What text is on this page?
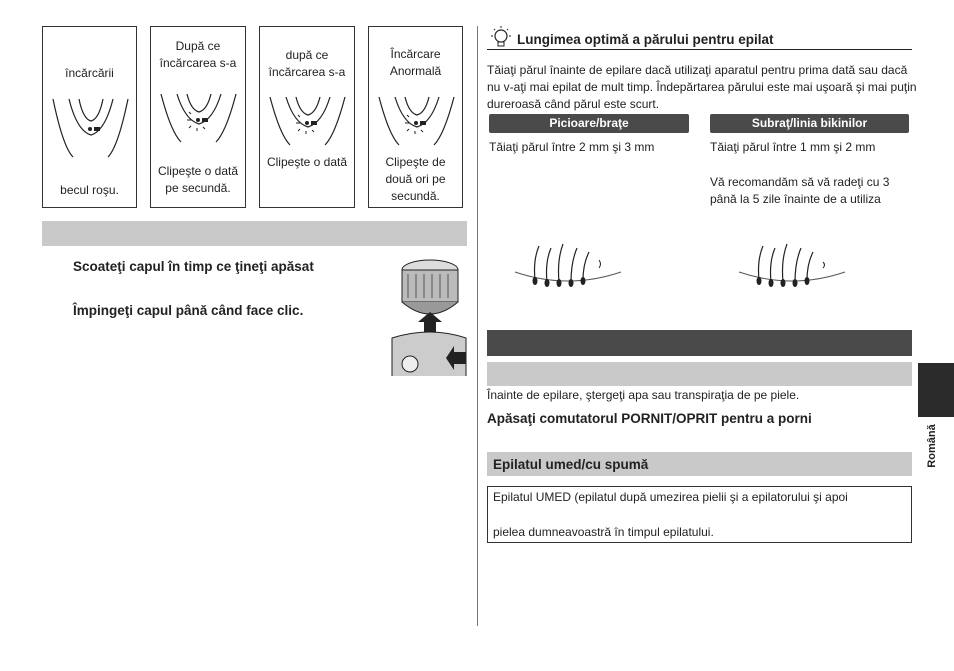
încărcării
becul roşu.
După ce
încărcarea s-a
Clipeşte o dată
pe secundă.
după ce
încărcarea s-a
Clipeşte o dată
Încărcare
Anormală
Clipeşte de
două ori pe
secundă.
Scoateţi capul în timp ce ţineţi apăsat
Împingeţi capul până când face clic.
Lungimea optimă a părului pentru epilat
Tăiaţi părul înainte de epilare dacă utilizaţi aparatul pentru prima dată sau dacă nu v-aţi mai epilat de mult timp. Îndepărtarea părului este mai uşoară şi mai puţin dureroasă când părul este scurt.
Picioare/braţe	Subraţ/linia bikinilor
Tăiaţi părul între 2 mm şi 3 mm	Tăiaţi părul între 1 mm şi 2 mm
Vă recomandăm să vă radeţi cu 3 până la 5 zile înainte de a utiliza
Înainte de epilare, ştergeţi apa sau transpiraţia de pe piele.
Apăsaţi comutatorul PORNIT/OPRIT pentru a porni
Epilatul umed/cu spumă
Epilatul UMED (epilatul după umezirea pielii şi a epilatorului şi apoi
pielea dumneavoastră în timpul epilatului.
Română
